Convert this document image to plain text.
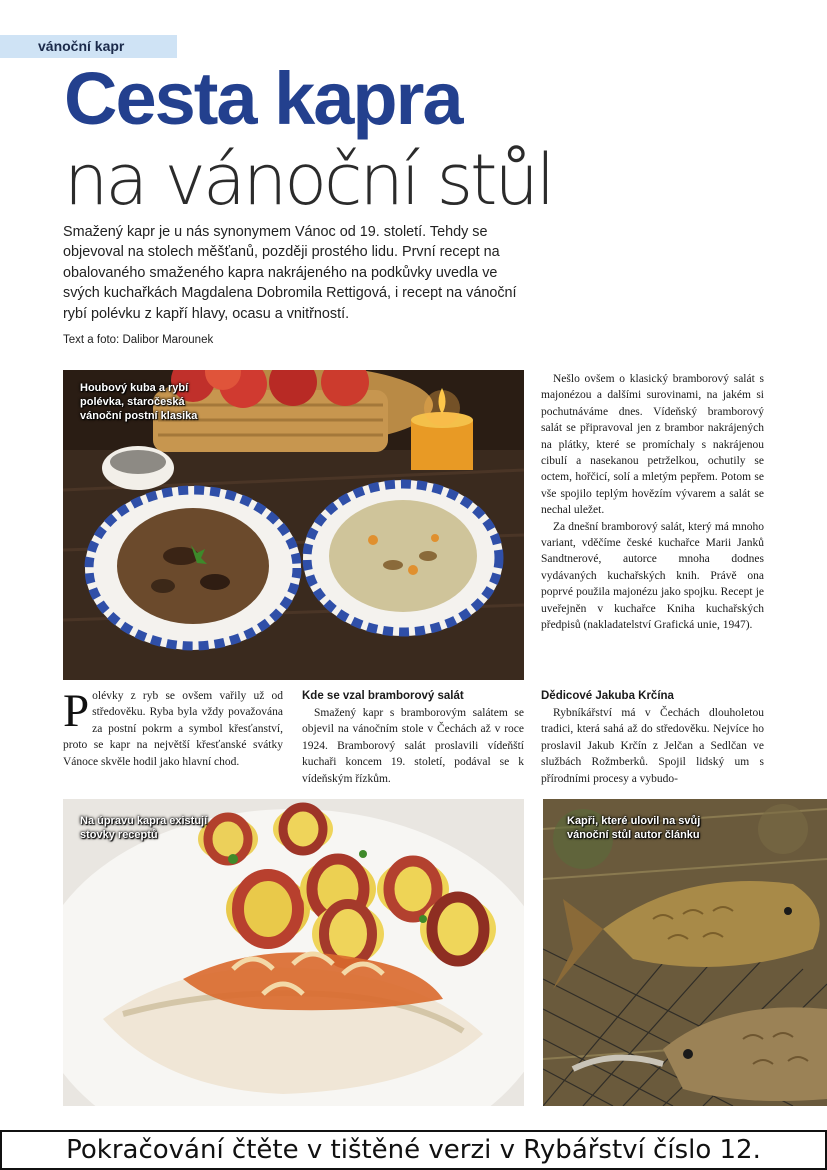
vánoční kapr
Cesta kapra
na vánoční stůl

Smažený kapr je u nás synonymem Vánoc od 19. století. Tehdy se objevoval na stolech měšťanů, později prostého lidu. První recept na obalovaného smaženého kapra nakrájeného na podkůvky uvedla ve svých kuchařkách Magdalena Dobromila Rettigová, i recept na vánoční rybí polévku z kapří hlavy, ocasu a vnitřností.

Text a foto: Dalibor Marounek

Houbový kuba a rybí polévka, staročeská vánoční postní klasika

Nešlo ovšem o klasický bramborový salát s majonézou a dalšími surovinami, na jakém si pochutnáváme dnes. Vídeňský bramborový salát se připravoval jen z brambor nakrájených na plátky, které se promíchaly s nakrájenou cibulí a nasekanou petrželkou, ochutily se octem, hořčicí, solí a mletým pepřem. Potom se vše spojilo teplým hovězím vývarem a salát se nechal uležet.

Za dnešní bramborový salát, který má mnoho variant, vděčíme české kuchařce Marii Janků Sandtnerové, autorce mnoha dodnes vydávaných kuchařských knih. Právě ona poprvé použila majonézu jako spojku. Recept je uveřejněn v kuchařce Kniha kuchařských předpisů (nakladatelství Grafická unie, 1947).

Polévky z ryb se ovšem vařily už od středověku. Ryba byla vždy považována za postní pokrm a symbol křesťanství, proto se kapr na největší křesťanské svátky Vánoce skvěle hodil jako hlavní chod.

Kde se vzal bramborový salát

Smažený kapr s bramborovým salátem se objevil na vánočním stole v Čechách až v roce 1924. Bramborový salát proslavili vídeňští kuchaři koncem 19. století, podával se k vídeňským řízkům.

Dědicové Jakuba Krčína

Rybníkářství má v Čechách dlouholetou tradici, která sahá až do středověku. Nejvíce ho proslavil Jakub Krčín z Jelčan a Sedlčan ve službách Rožmberků. Spojil lidský um s přírodními procesy a vybudo-

Na úpravu kapra existují stovky receptů
Kapři, které ulovil na svůj vánoční stůl autor článku
Pokračování čtěte v tištěné verzi v Rybářství číslo 12.
